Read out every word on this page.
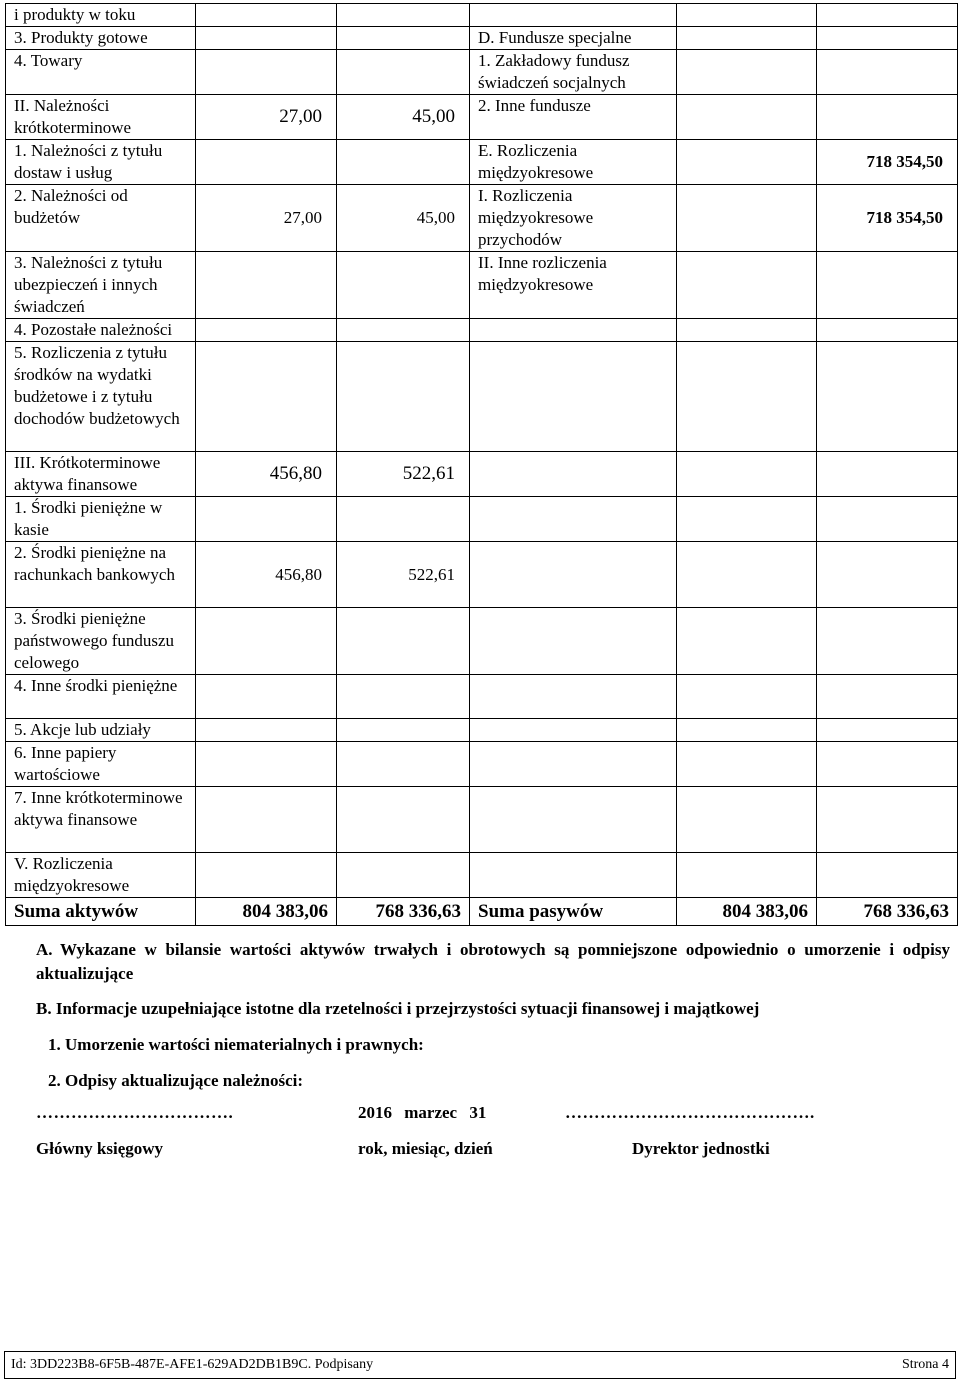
i produkty w toku					
3. Produkty gotowe			D. Fundusze specjalne		
4. Towary			1. Zakładowy fundusz świadczeń socjalnych		
II. Należności krótkoterminowe	27,00	45,00	2. Inne fundusze		
1. Należności z tytułu dostaw i usług			E. Rozliczenia międzyokresowe		718 354,50
2. Należności od budżetów	27,00	45,00	I. Rozliczenia międzyokresowe przychodów		718 354,50
3. Należności z tytułu ubezpieczeń i innych świadczeń			II. Inne rozliczenia międzyokresowe		
4. Pozostałe należności					
5. Rozliczenia z tytułu środków na wydatki budżetowe i z tytułu dochodów budżetowych					
III. Krótkoterminowe aktywa finansowe	456,80	522,61			
1. Środki pieniężne w kasie					
2. Środki pieniężne na rachunkach bankowych	456,80	522,61			
3. Środki pieniężne państwowego funduszu celowego					
4. Inne środki pieniężne					
5. Akcje lub udziały					
6. Inne papiery wartościowe					
7. Inne krótkoterminowe aktywa finansowe					
V. Rozliczenia międzyokresowe					
Suma aktywów	804 383,06	768 336,63	Suma pasywów	804 383,06	768 336,63
A. Wykazane w bilansie wartości aktywów trwałych i obrotowych są pomniejszone odpowiednio o umorzenie i odpisy aktualizujące
B. Informacje uzupełniające istotne dla rzetelności i przejrzystości sytuacji finansowej i majątkowej
1. Umorzenie wartości niematerialnych i prawnych:
2. Odpisy aktualizujące należności:
…………………………….	2016 marzec 31	…………………………………….
Główny księgowy	rok, miesiąc, dzień	Dyrektor jednostki
Id: 3DD223B8-6F5B-487E-AFE1-629AD2DB1B9C. Podpisany	Strona 4
